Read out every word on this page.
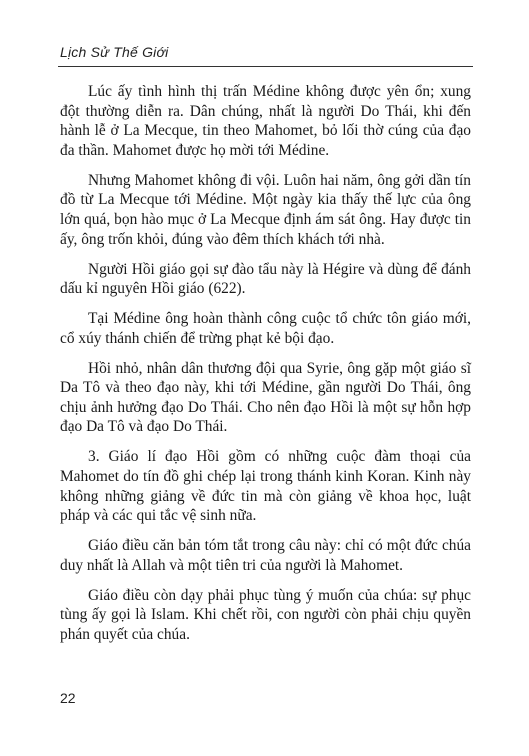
Lịch Sử Thế Giới

Lúc ấy tình hình thị trấn Médine không được yên ổn; xung đột thường diễn ra. Dân chúng, nhất là người Do Thái, khi đến hành lễ ở La Mecque, tin theo Mahomet, bỏ lối thờ cúng của đạo đa thần. Mahomet được họ mời tới Médine.

Nhưng Mahomet không đi vội. Luôn hai năm, ông gởi dần tín đồ từ La Mecque tới Médine. Một ngày kia thấy thế lực của ông lớn quá, bọn hào mục ở La Mecque định ám sát ông. Hay được tin ấy, ông trốn khỏi, đúng vào đêm thích khách tới nhà.

Người Hồi giáo gọi sự đào tẩu này là Hégire và dùng để đánh dấu kỉ nguyên Hồi giáo (622).

Tại Médine ông hoàn thành công cuộc tổ chức tôn giáo mới, cổ xúy thánh chiến để trừng phạt kẻ bội đạo.

Hồi nhỏ, nhân dân thương đội qua Syrie, ông gặp một giáo sĩ Da Tô và theo đạo này, khi tới Médine, gần người Do Thái, ông chịu ảnh hưởng đạo Do Thái. Cho nên đạo Hồi là một sự hỗn hợp đạo Da Tô và đạo Do Thái.

3. Giáo lí đạo Hồi gồm có những cuộc đàm thoại của Mahomet do tín đồ ghi chép lại trong thánh kinh Koran. Kinh này không những giảng về đức tin mà còn giảng về khoa học, luật pháp và các qui tắc vệ sinh nữa.

Giáo điều căn bản tóm tắt trong câu này: chỉ có một đức chúa duy nhất là Allah và một tiên tri của người là Mahomet.

Giáo điều còn dạy phải phục tùng ý muốn của chúa: sự phục tùng ấy gọi là Islam. Khi chết rồi, con người còn phải chịu quyền phán quyết của chúa.

22
